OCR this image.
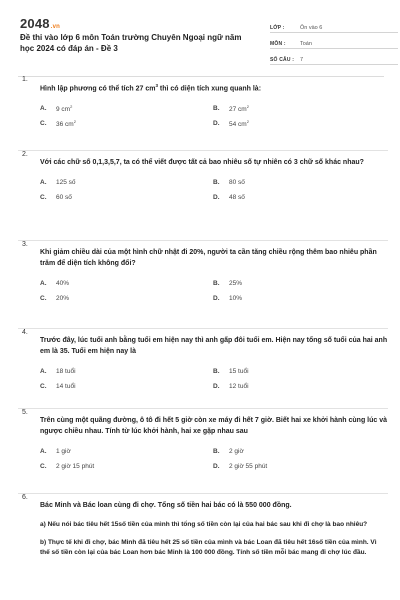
2048.vn
Đề thi vào lớp 6 môn Toán trường Chuyên Ngoại ngữ năm học 2024 có đáp án - Đề 3
LỚP :	Ôn vào 6
MÔN :	Toán
SỐ CÂU :	7
1.
Hình lập phương có thể tích 27 $cm^3$ thì có diện tích xung quanh là:
A.	9 $cm^2$	B.	27 $cm^2$
C.	36 $cm^2$	D.	54 $cm^2$
2.
Với các chữ số 0,1,3,5,7, ta có thể viết được tất cả bao nhiêu số tự nhiên có 3 chữ số khác nhau?
A.	125 số	B.	80 số
C.	60 số	D.	48 số
3.
Khi giảm chiều dài của một hình chữ nhật đi 20%, người ta cần tăng chiều rộng thêm bao nhiêu phần trăm để diện tích không đổi?
A.	40%	B.	25%
C.	20%	D.	10%
4.
Trước đây, lúc tuổi anh bằng tuổi em hiện nay thì anh gấp đôi tuổi em. Hiện nay tổng số tuổi của hai anh em là 35. Tuổi em hiện nay là
A.	18 tuổi	B.	15 tuổi
C.	14 tuổi	D.	12 tuổi
5.
Trên cùng một quãng đường, ô tô đi hết 5 giờ còn xe máy đi hết 7 giờ. Biết hai xe khởi hành cùng lúc và ngược chiều nhau. Tính từ lúc khởi hành, hai xe gặp nhau sau
A.	1 giờ	B.	2 giờ
C.	2 giờ 15 phút	D.	2 giờ 55 phút
6.
Bác Minh và Bác loan cùng đi chợ. Tổng số tiền hai bác có là 550 000 đồng.
a) Nếu nói bác tiêu hết 15số tiền của mình thì tổng số tiền còn lại của hai bác sau khi đi chợ là bao nhiêu?
b) Thực tế khi đi chợ, bác Minh đã tiêu hết 25 số tiền của mình và bác Loan đã tiêu hết 16số tiền của mình. Vì thế số tiền còn lại của bác Loan hơn bác Minh là 100 000 đồng. Tính số tiền mỗi bác mang đi chợ lúc đầu.
